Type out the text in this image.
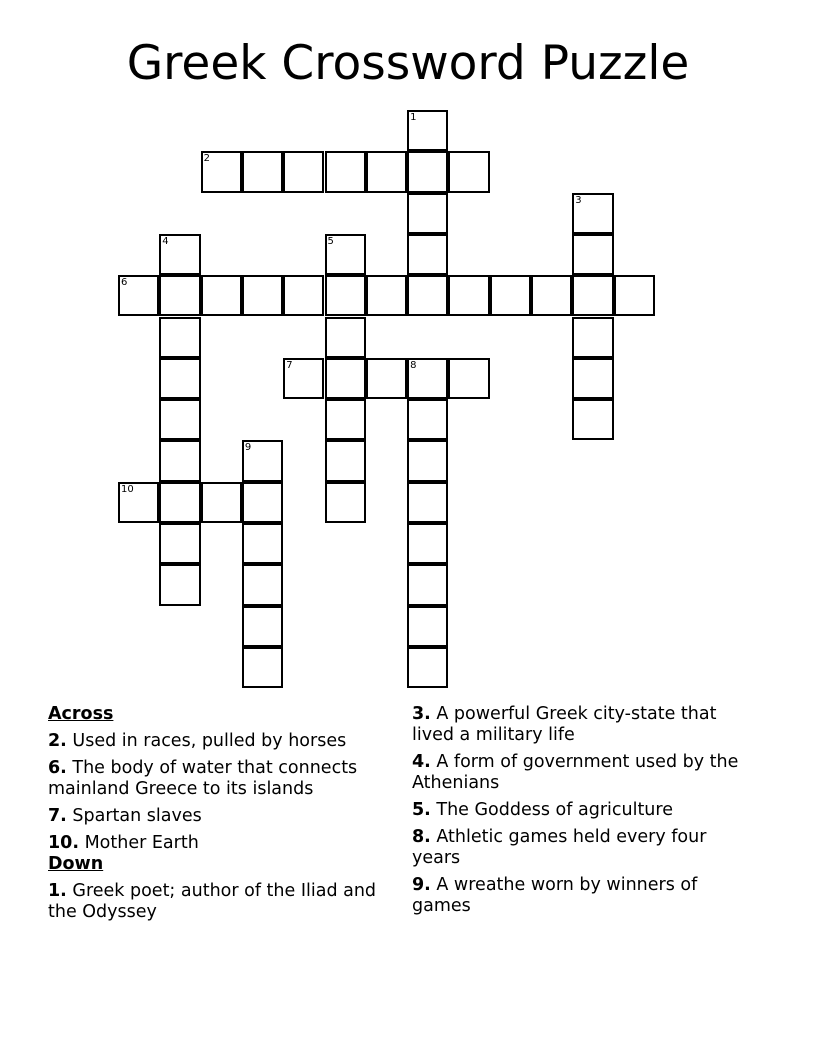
Greek Crossword Puzzle
1
2
3
4	5
6
7	8
9
10
Across
2. Used in races, pulled by horses
6. The body of water that connects mainland Greece to its islands
7. Spartan slaves
10. Mother Earth
Down
1. Greek poet; author of the Iliad and the Odyssey
3. A powerful Greek city-state that lived a military life
4. A form of government used by the Athenians
5. The Goddess of agriculture
8. Athletic games held every four years
9. A wreathe worn by winners of games
